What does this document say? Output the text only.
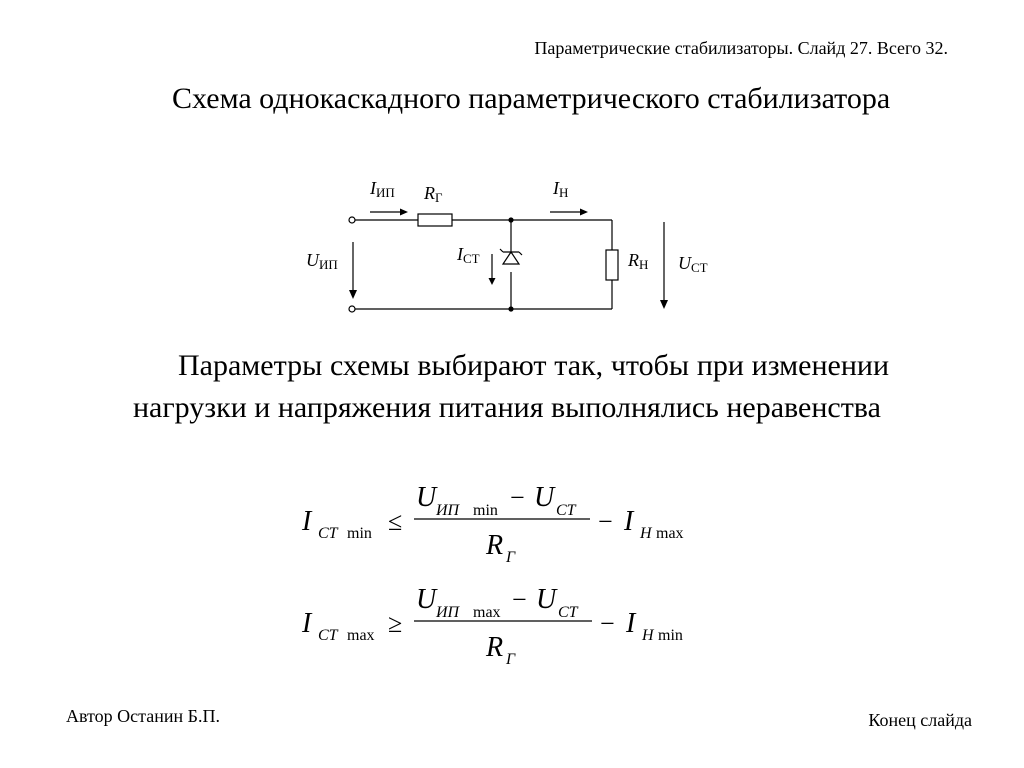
Параметрические стабилизаторы. Слайд 27. Всего 32.
Схема однокаскадного параметрического стабилизатора
IИП RГ	IН
UИП
IСТ	RН UСТ
Параметры схемы выбирают так, чтобы при изменении нагрузки и напряжения питания выполнялись неравенства
I CT min ≤
U ИП min − U CT
R Г
− I H max
I CT max ≥
U ИП max − U CT
R Г
− I H min
Автор Останин Б.П.	Конец слайда
